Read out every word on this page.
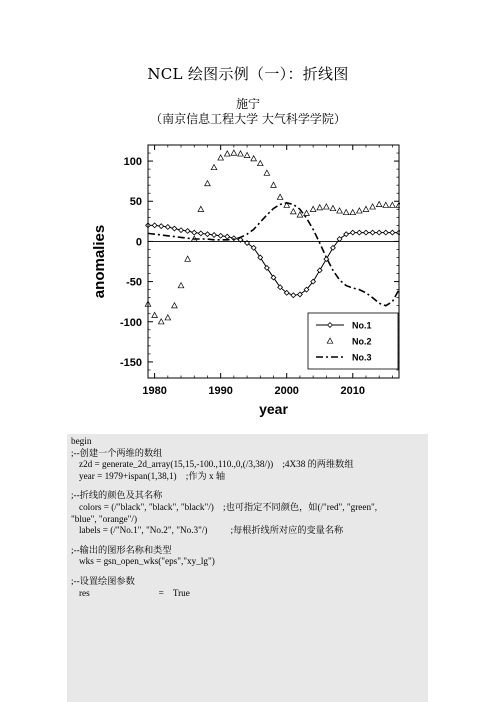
NCL 绘图示例（一）：折线图
施宁
（南京信息工程大学 大气科学学院）
100
50
0
-50
-100
-150
1980	1990	2000	2010
No.1
No.2
No.3
anomalies
year
begin
;--创建一个两维的数组
z2d = generate_2d_array(15,15,-100.,110.,0,(/3,38/))    ;4X38 的两维数组
year = 1979+ispan(1,38,1)    ;作为 x 轴
;--折线的颜色及其名称
colors = (/"black", "black", "black"/)    ;也可指定不同颜色，如(/"red", "green",
"blue", "orange"/)
labels = (/"No.1", "No.2", "No.3"/)          ;每根折线所对应的变量名称
;--输出的图形名称和类型
wks = gsn_open_wks("eps","xy_lg")
;--设置绘图参数
res                              =    True
